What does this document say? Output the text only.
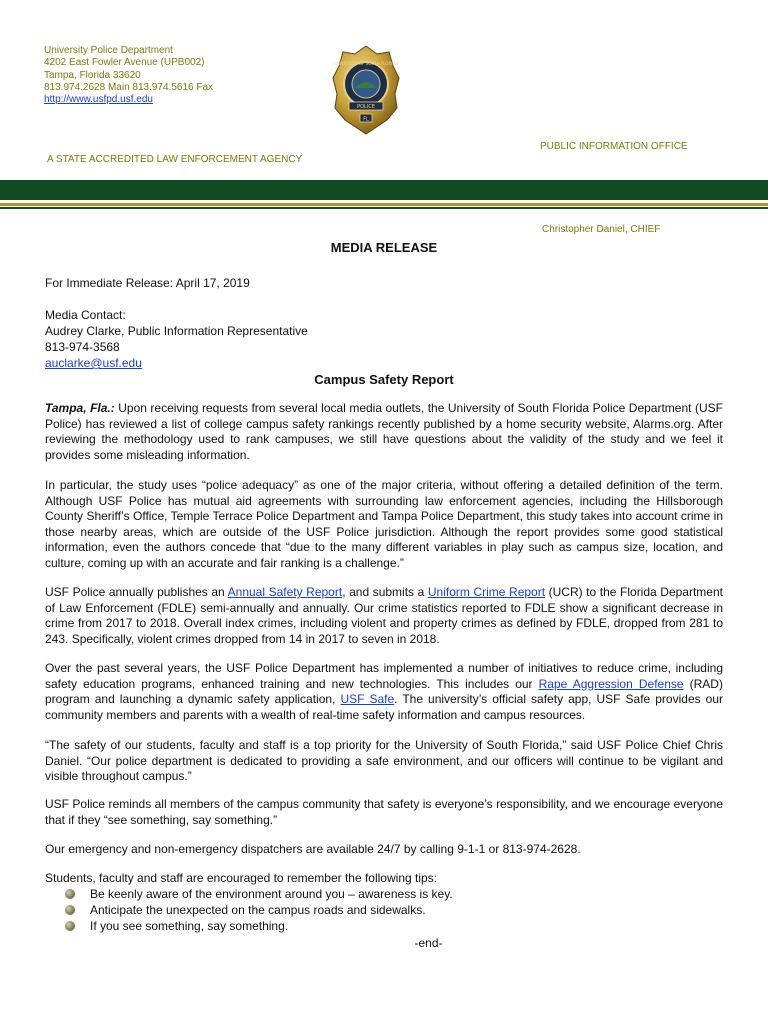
University Police Department
4202 East Fowler Avenue (UPB002)
Tampa, Florida 33620
813.974.2628 Main 813.974.5616 Fax
http://www.usfpd.usf.edu
UNIVERSITY OF SOUTH FLORIDA
POLICE
FL
PUBLIC INFORMATION OFFICE
A STATE ACCREDITED LAW ENFORCEMENT AGENCY
Christopher Daniel, CHIEF
MEDIA RELEASE
For Immediate Release: April 17, 2019
Media Contact:
Audrey Clarke, Public Information Representative
813-974-3568
auclarke@usf.edu
Campus Safety Report
Tampa, Fla.: Upon receiving requests from several local media outlets, the University of South Florida Police Department (USF Police) has reviewed a list of college campus safety rankings recently published by a home security website, Alarms.org. After reviewing the methodology used to rank campuses, we still have questions about the validity of the study and we feel it provides some misleading information.
In particular, the study uses “police adequacy” as one of the major criteria, without offering a detailed definition of the term. Although USF Police has mutual aid agreements with surrounding law enforcement agencies, including the Hillsborough County Sheriff’s Office, Temple Terrace Police Department and Tampa Police Department, this study takes into account crime in those nearby areas, which are outside of the USF Police jurisdiction. Although the report provides some good statistical information, even the authors concede that “due to the many different variables in play such as campus size, location, and culture, coming up with an accurate and fair ranking is a challenge.”
USF Police annually publishes an Annual Safety Report, and submits a Uniform Crime Report (UCR) to the Florida Department of Law Enforcement (FDLE) semi-annually and annually. Our crime statistics reported to FDLE show a significant decrease in crime from 2017 to 2018. Overall index crimes, including violent and property crimes as defined by FDLE, dropped from 281 to 243. Specifically, violent crimes dropped from 14 in 2017 to seven in 2018.
Over the past several years, the USF Police Department has implemented a number of initiatives to reduce crime, including safety education programs, enhanced training and new technologies. This includes our Rape Aggression Defense (RAD) program and launching a dynamic safety application, USF Safe. The university’s official safety app, USF Safe provides our community members and parents with a wealth of real-time safety information and campus resources.
“The safety of our students, faculty and staff is a top priority for the University of South Florida,” said USF Police Chief Chris Daniel. “Our police department is dedicated to providing a safe environment, and our officers will continue to be vigilant and visible throughout campus.”
USF Police reminds all members of the campus community that safety is everyone’s responsibility, and we encourage everyone that if they “see something, say something.”
Our emergency and non-emergency dispatchers are available 24/7 by calling 9-1-1 or 813-974-2628.
Students, faculty and staff are encouraged to remember the following tips:
Be keenly aware of the environment around you – awareness is key.
Anticipate the unexpected on the campus roads and sidewalks.
If you see something, say something.
-end-
